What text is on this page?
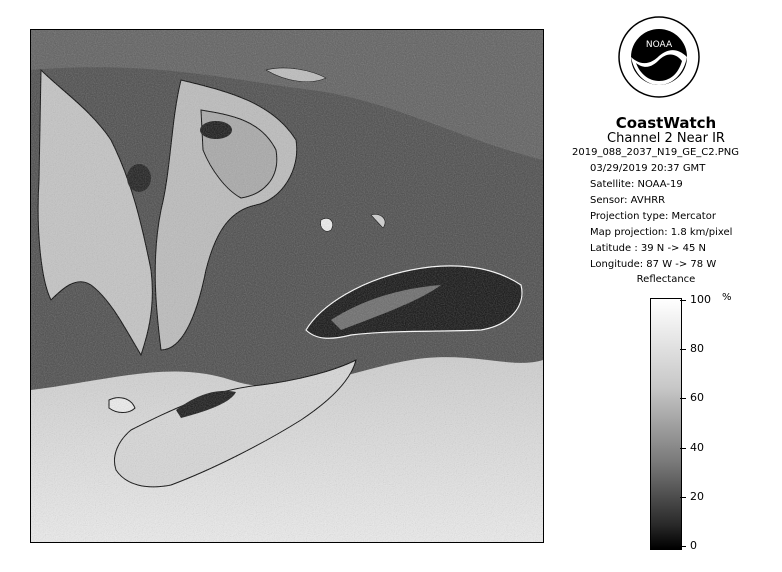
NOAA
CoastWatch
Channel 2 Near IR
2019_088_2037_N19_GE_C2.PNG
03/29/2019 20:37 GMT
Satellite: NOAA-19
Sensor: AVHRR
Projection type: Mercator
Map projection: 1.8 km/pixel
Latitude : 39 N -> 45 N
Longitude: 87 W -> 78 W
Reflectance
%
100
80
60
40
20
0
